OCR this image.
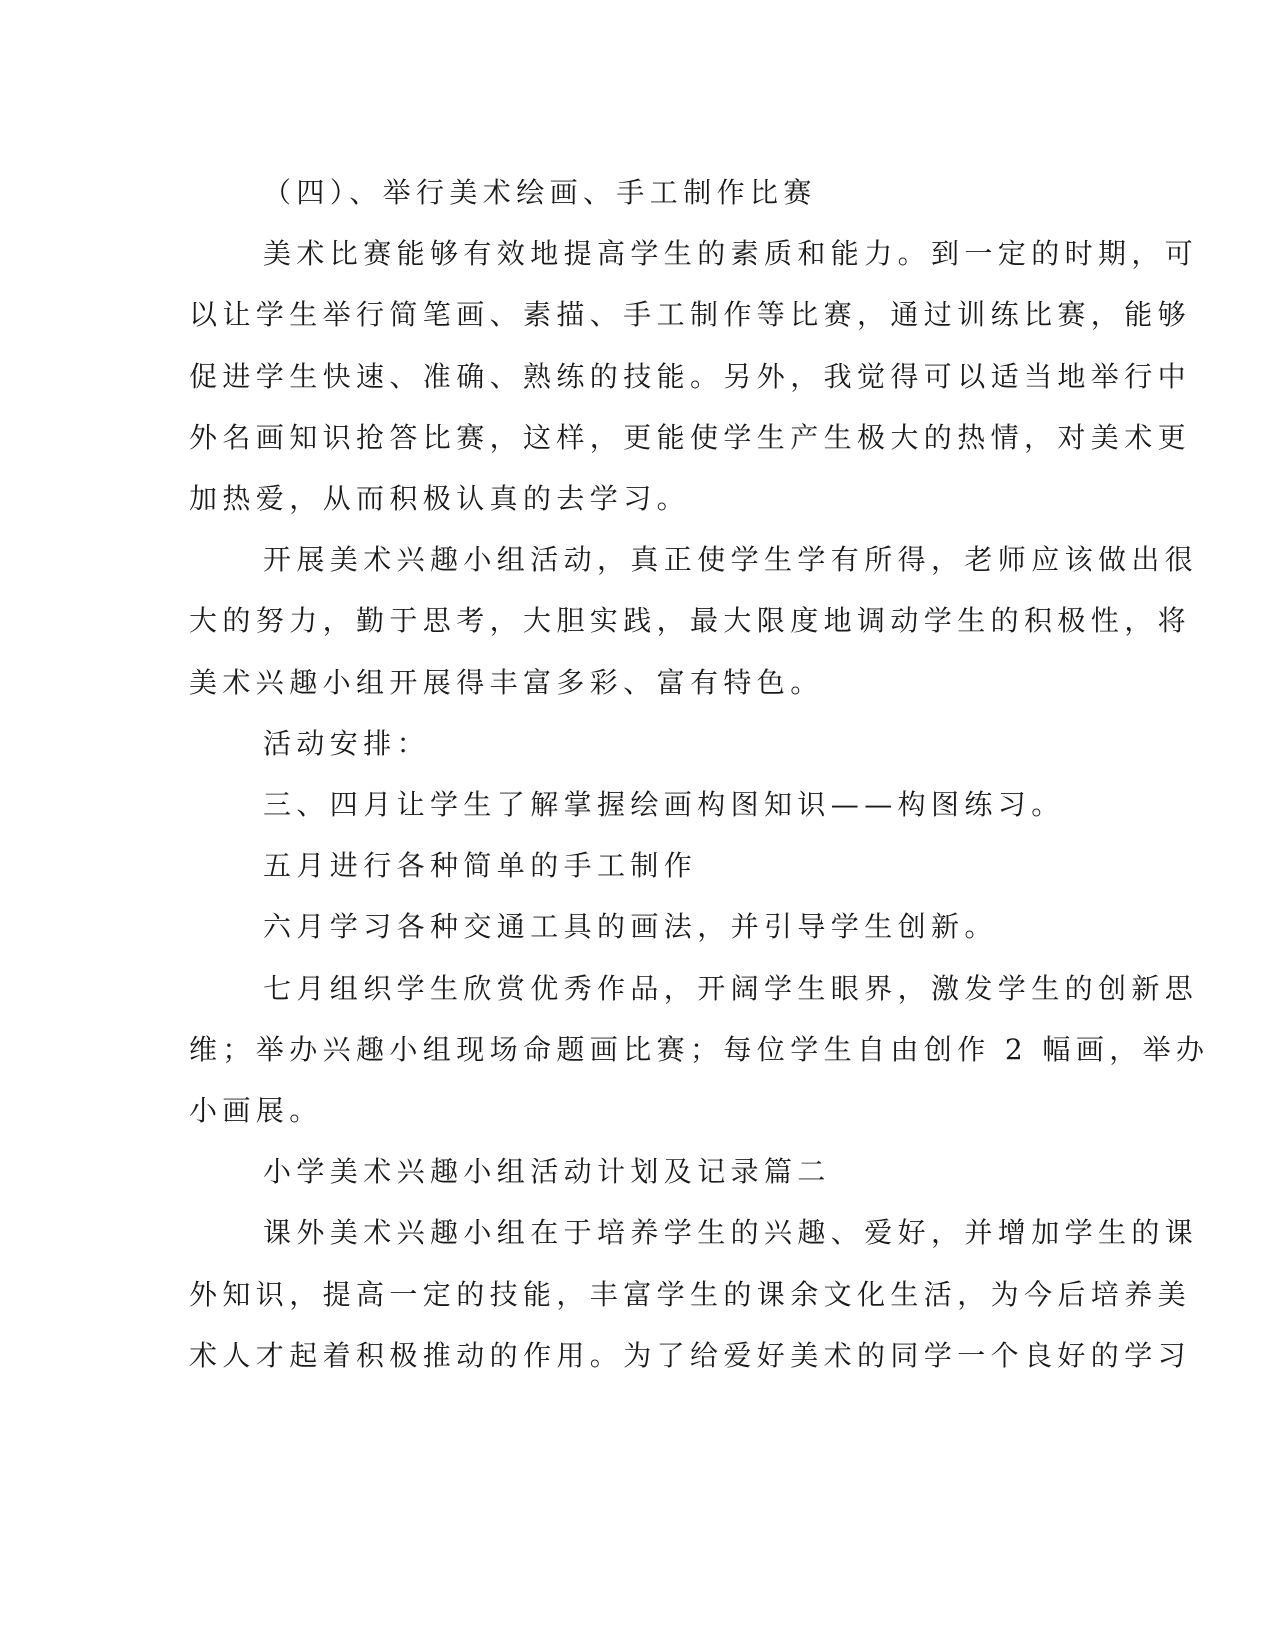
（四）、举行美术绘画、手工制作比赛
美术比赛能够有效地提高学生的素质和能力。到一定的时期，可
以让学生举行简笔画、素描、手工制作等比赛，通过训练比赛，能够
促进学生快速、准确、熟练的技能。另外，我觉得可以适当地举行中
外名画知识抢答比赛，这样，更能使学生产生极大的热情，对美术更
加热爱，从而积极认真的去学习。
开展美术兴趣小组活动，真正使学生学有所得，老师应该做出很
大的努力，勤于思考，大胆实践，最大限度地调动学生的积极性，将
美术兴趣小组开展得丰富多彩、富有特色。
活动安排：
三、四月让学生了解掌握绘画构图知识——构图练习。
五月进行各种简单的手工制作
六月学习各种交通工具的画法，并引导学生创新。
七月组织学生欣赏优秀作品，开阔学生眼界，激发学生的创新思
维；举办兴趣小组现场命题画比赛；每位学生自由创作 2 幅画，举办
小画展。
小学美术兴趣小组活动计划及记录篇二
课外美术兴趣小组在于培养学生的兴趣、爱好，并增加学生的课
外知识，提高一定的技能，丰富学生的课余文化生活，为今后培养美
术人才起着积极推动的作用。为了给爱好美术的同学一个良好的学习
